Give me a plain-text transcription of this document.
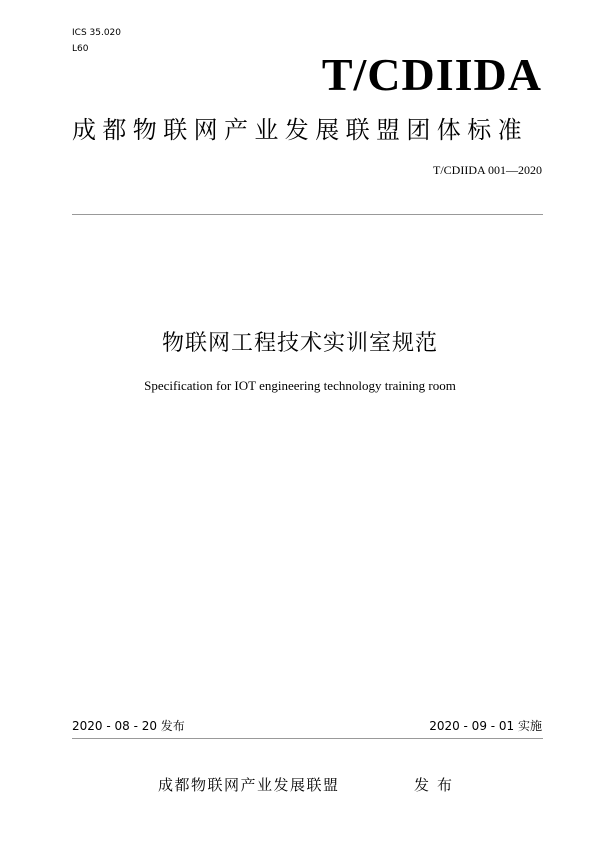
ICS 35.020
L60	T/CDIIDA
成都物联网产业发展联盟团体标准
T/CDIIDA 001—2020
物联网工程技术实训室规范
Specification for IOT engineering technology training room
2020 - 08 - 20 发布	2020 - 09 - 01 实施
成都物联网产业发展联盟	发布
